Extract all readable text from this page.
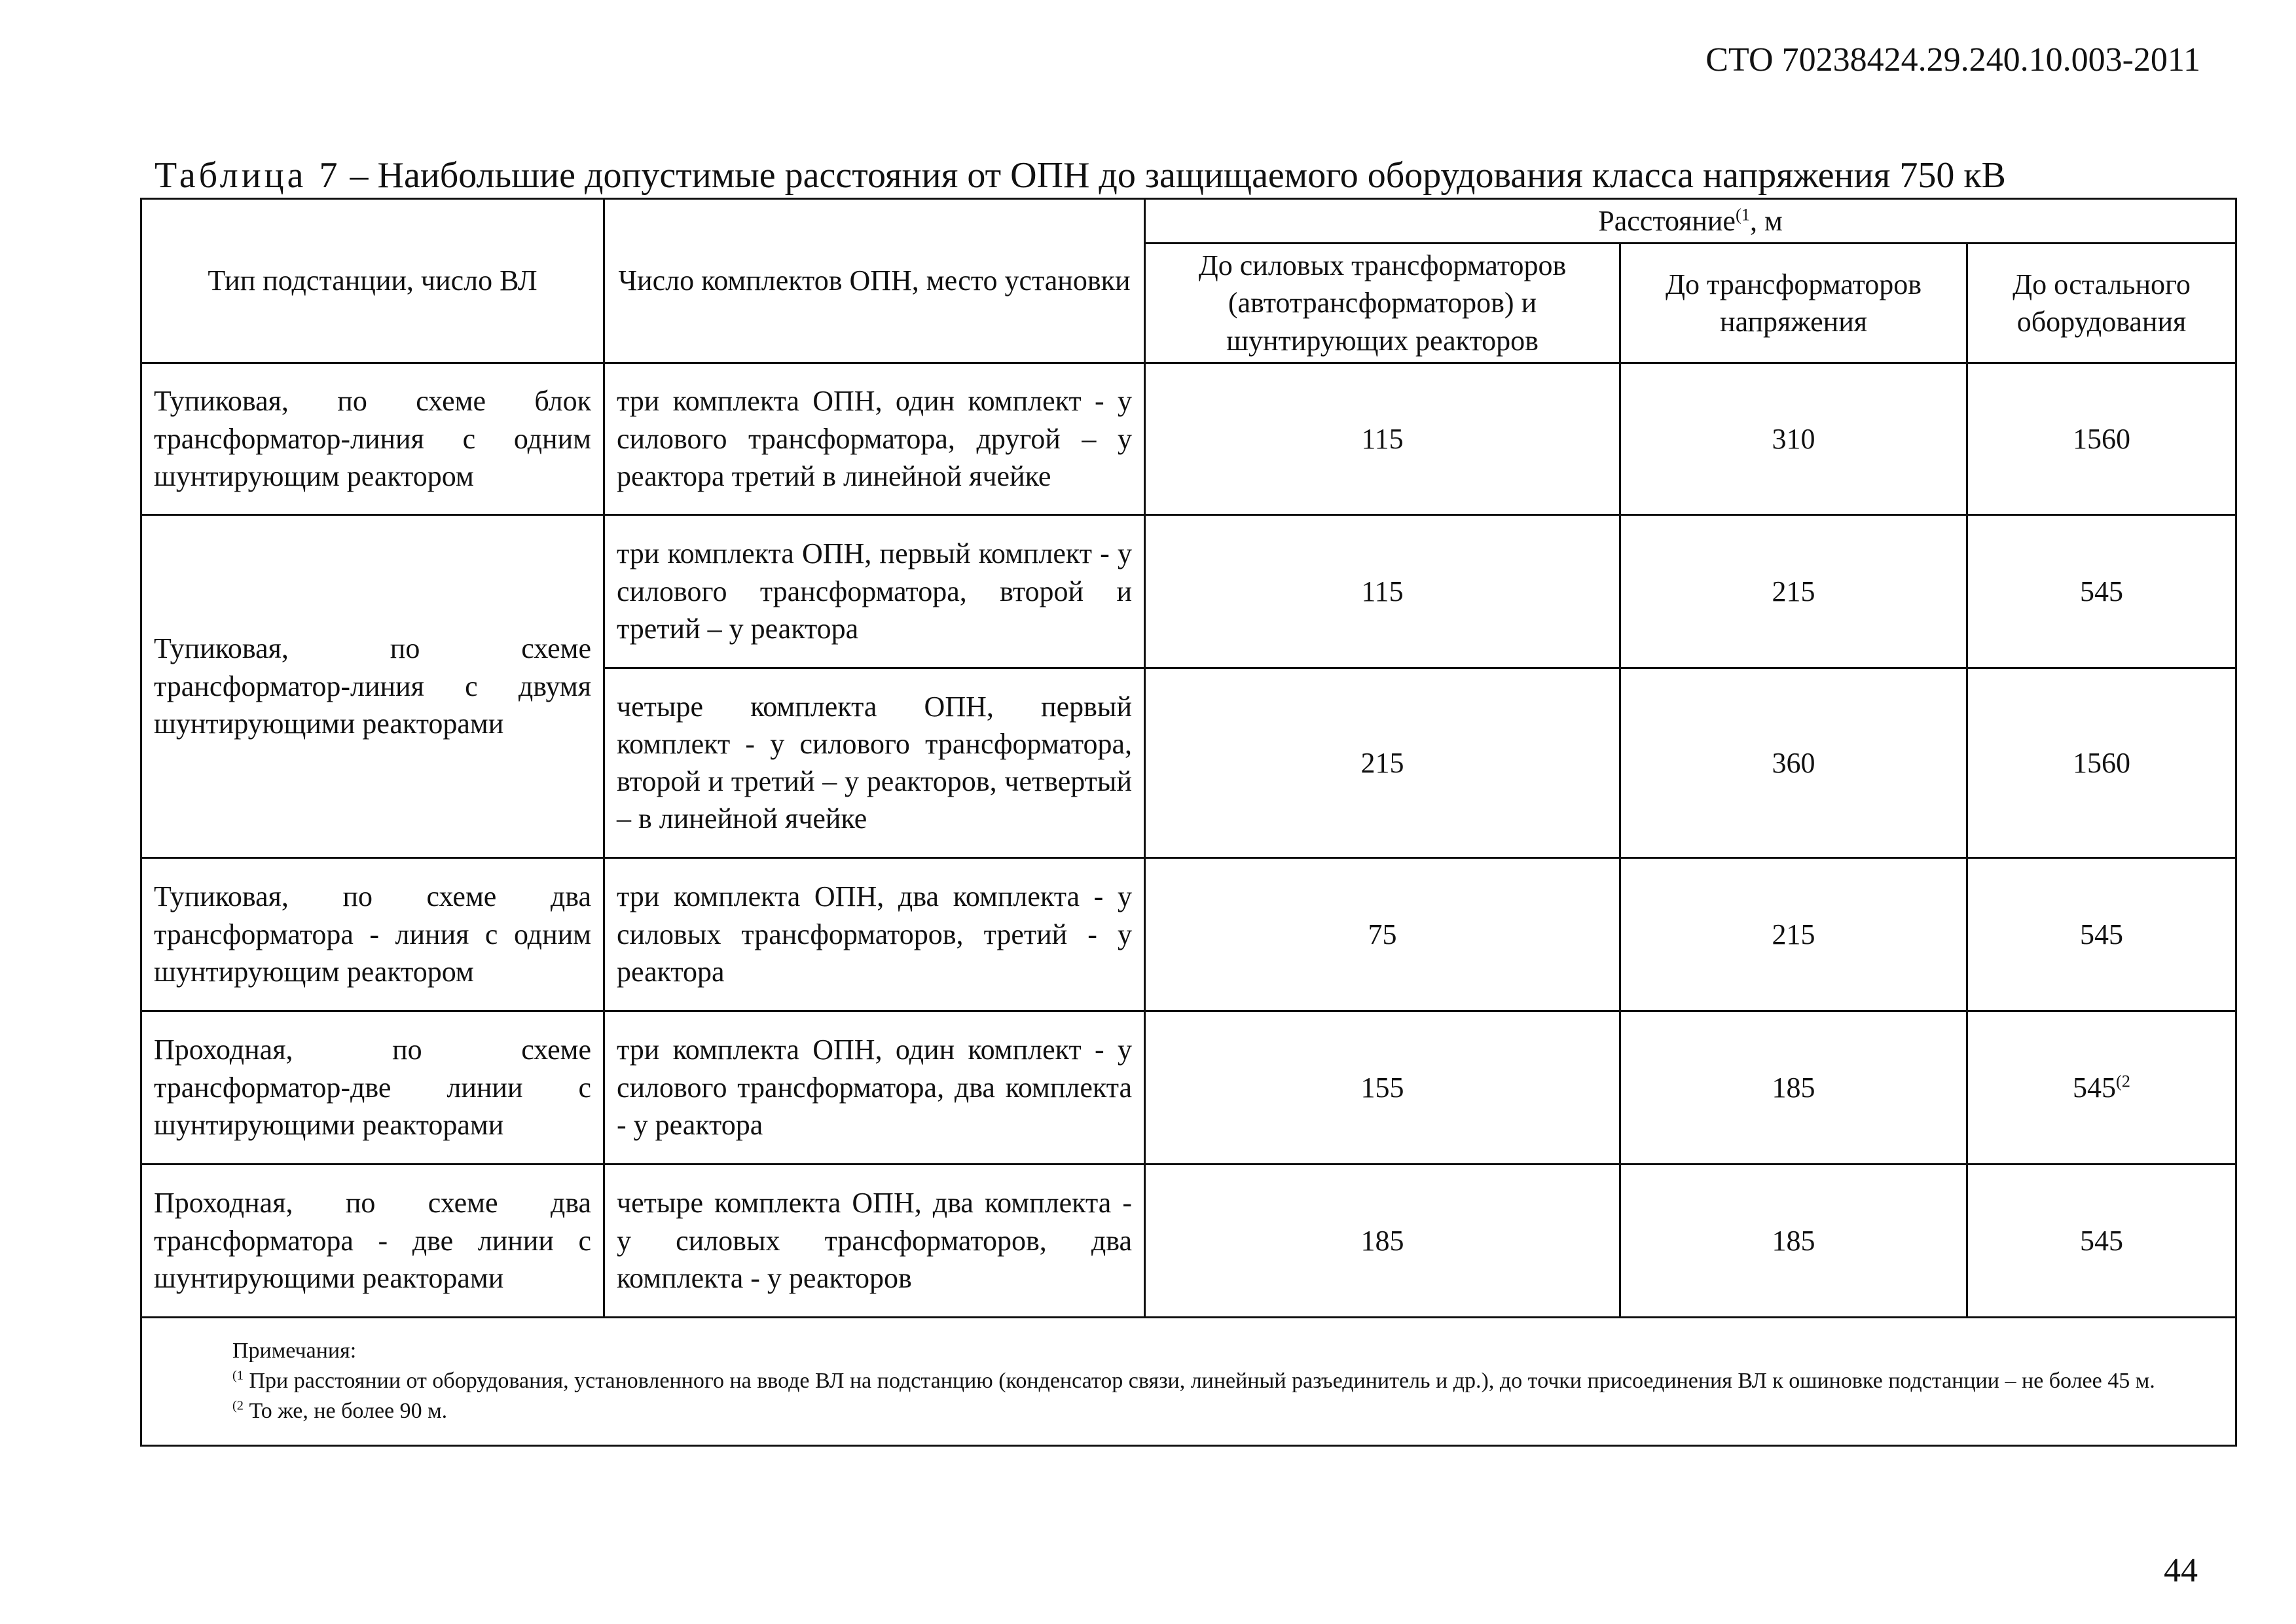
СТО 70238424.29.240.10.003-2011
Таблица 7 – Наибольшие допустимые расстояния от ОПН до защищаемого оборудования класса напряжения 750 кВ
Тип подстанции, число ВЛ	Число комплектов ОПН, место установки	Расстояние$^{(1}$, м		
		До силовых трансформаторов (автотрансформаторов) и шунтирующих реакторов	До трансформаторов напряжения	До остального оборудования
Тупиковая, по схеме блок трансформатор-линия с одним шунтирующим реактором	три комплекта ОПН, один комплект - у силового трансформатора, другой – у реактора третий в линейной ячейке	115	310	1560
Тупиковая, по схеме трансформатор-линия с двумя шунтирующими реакторами	три комплекта ОПН, первый комплект - у силового трансформатора, второй и третий – у реактора	115	215	545
	четыре комплекта ОПН, первый комплект - у силового трансформатора, второй и третий – у реакторов, четвертый – в линейной ячейке	215	360	1560
Тупиковая, по схеме два трансформатора - линия с одним шунтирующим реактором	три комплекта ОПН, два комплекта - у силовых трансформаторов, третий - у реактора	75	215	545
Проходная, по схеме трансформатор-две линии с шунтирующими реакторами	три комплекта ОПН, один комплект - у силового трансформатора, два комплекта - у реактора	155	185	545$^{(2}$
Проходная, по схеме два трансформатора - две линии с шунтирующими реакторами	четыре комплекта ОПН, два комплекта - у силовых трансформаторов, два комплекта - у реакторов	185	185	545

Примечания:
$^{(1}$ При расстоянии от оборудования, установленного на вводе ВЛ на подстанцию (конденсатор связи, линейный разъединитель и др.), до точки присоединения ВЛ к ошиновке подстанции – не более 45 м.
$^{(2}$ То же, не более 90 м.				
44
